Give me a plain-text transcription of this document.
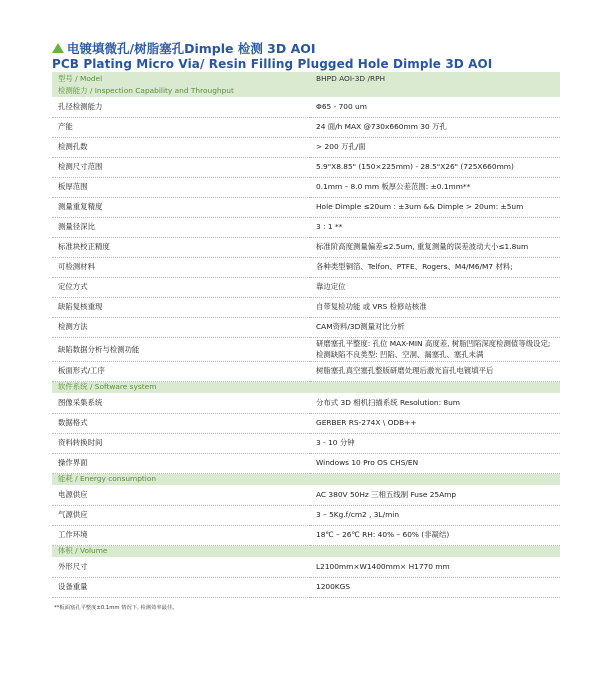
电镀填微孔/树脂塞孔Dimple 检测 3D AOI
PCB Plating Micro Via/ Resin Filling Plugged Hole Dimple 3D AOI
型号 / Model	BHPD AOI-3D /RPH
检测能力 / Inspection Capability and Throughput	
孔径检测能力	Φ65 - 700 um
产能	24 面/h MAX @730x660mm 30 万孔
检测孔数	> 200 万孔/面
检测尺寸范围	5.9"X8.85" (150×225mm) - 28.5"X26" (725X660mm)
板厚范围	0.1mm – 8.0 mm 板厚公差范围: ±0.1mm**
测量重复精度	Hole Dimple ≤20um : ±3um && Dimple > 20um: ±5um
测量径深比	3 : 1 **
标准块校正精度	标准阶高度测量偏差≤2.5um, 重复测量的误差波动大小≤1.8um
可检测材料	各种类型铜箔、Telfon、PTFE、Rogers、M4/M6/M7 材料;
定位方式	靠边定位
缺陷复核重现	自带复检功能 或 VRS 检修站核准
检测方法	CAM资料/3D测量对比分析
缺陷数据分析与检测功能	研磨塞孔平整度: 孔位 MAX-MIN 高度差, 树脂凹陷深度检测值等级设定; 检测缺陷不良类型: 凹陷、空洞、漏塞孔、塞孔未满
板面形式/工序	树脂塞孔真空塞孔整版研磨处理后激光盲孔电镀填平后
软件系统 / Software system	
图像采集系统	分布式 3D 相机扫描系统 Resolution: 8um
数据格式	GERBER RS-274X \ ODB++
资料转换时间	3 - 10 分钟
操作界面	Windows 10 Pro OS CHS/EN
能耗 / Energy consumption	
电源供应	AC 380V 50Hz 三相五线制 Fuse 25Amp
气源供应	3 – 5Kg.f/cm2 , 3L/min
工作环境	18℃ – 26℃ RH: 40% – 60% (非凝结)
体积 / Volume	
外形尺寸	L2100mm×W1400mm× H1770 mm
设备重量	1200KGS
**板面塞孔平整度±0.1mm 情况下, 检测效率最佳。
